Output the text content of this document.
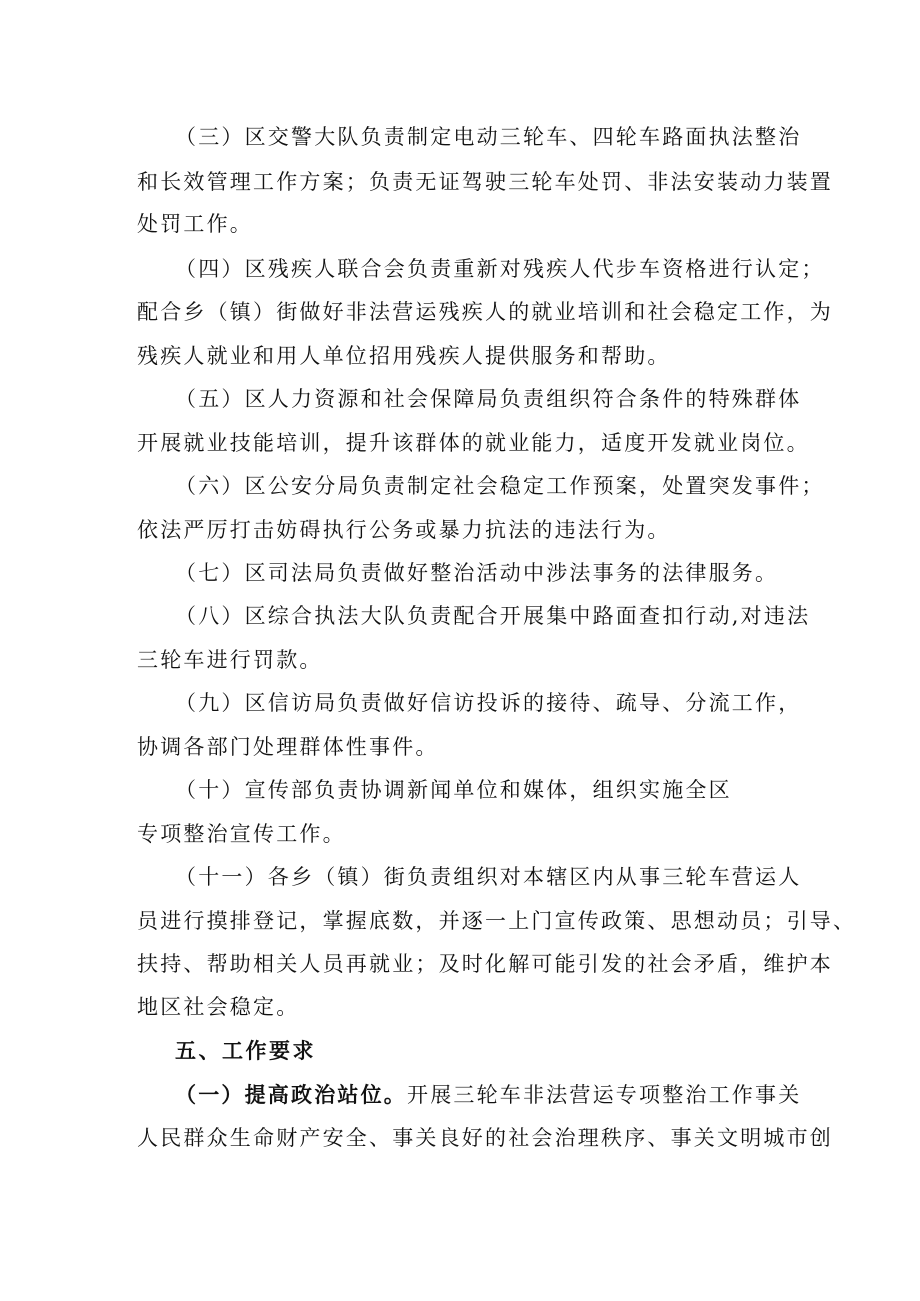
（三）区交警大队负责制定电动三轮车、四轮车路面执法整治
和长效管理工作方案；负责无证驾驶三轮车处罚、非法安装动力装置
处罚工作。
（四）区残疾人联合会负责重新对残疾人代步车资格进行认定；
配合乡（镇）街做好非法营运残疾人的就业培训和社会稳定工作，为
残疾人就业和用人单位招用残疾人提供服务和帮助。
（五）区人力资源和社会保障局负责组织符合条件的特殊群体
开展就业技能培训，提升该群体的就业能力，适度开发就业岗位。
（六）区公安分局负责制定社会稳定工作预案，处置突发事件；
依法严厉打击妨碍执行公务或暴力抗法的违法行为。
（七）区司法局负责做好整治活动中涉法事务的法律服务。
（八）区综合执法大队负责配合开展集中路面查扣行动,对违法
三轮车进行罚款。
（九）区信访局负责做好信访投诉的接待、疏导、分流工作，
协调各部门处理群体性事件。
（十）宣传部负责协调新闻单位和媒体，组织实施全区
专项整治宣传工作。
（十一）各乡（镇）街负责组织对本辖区内从事三轮车营运人
员进行摸排登记，掌握底数，并逐一上门宣传政策、思想动员；引导、
扶持、帮助相关人员再就业；及时化解可能引发的社会矛盾，维护本
地区社会稳定。
五、工作要求
（一）提高政治站位。开展三轮车非法营运专项整治工作事关
人民群众生命财产安全、事关良好的社会治理秩序、事关文明城市创
